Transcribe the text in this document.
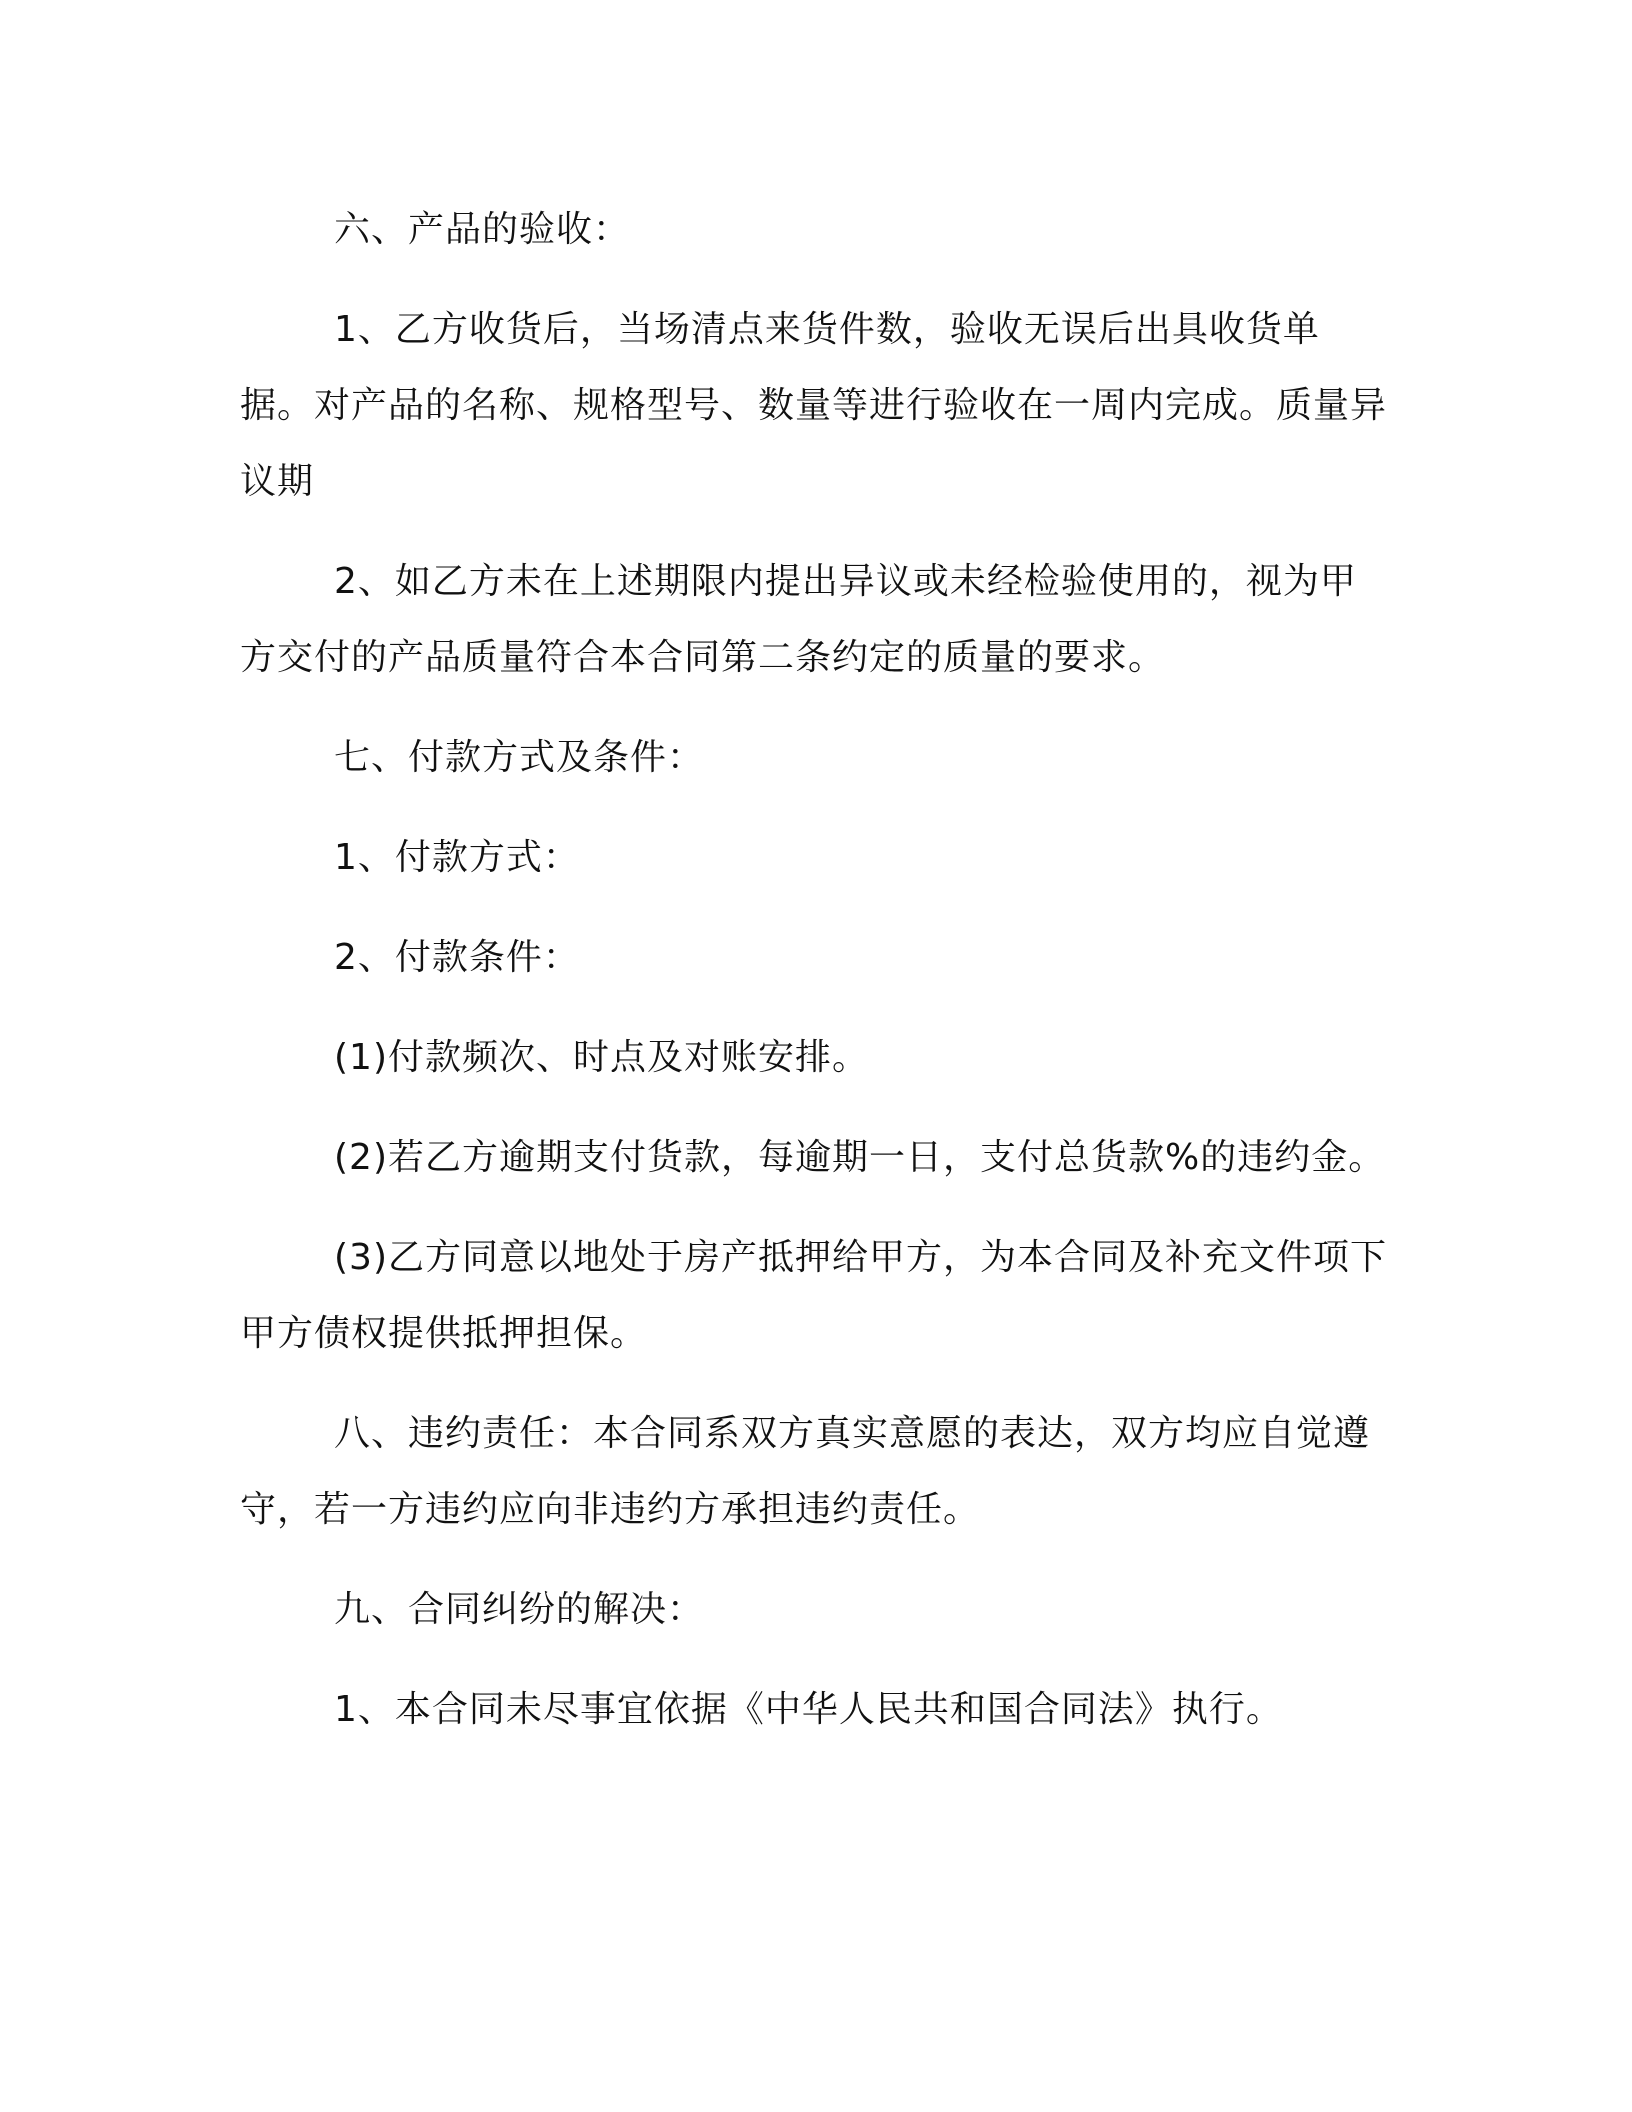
六、产品的验收：

1、乙方收货后，当场清点来货件数，验收无误后出具收货单据。对产品的名称、规格型号、数量等进行验收在一周内完成。质量异议期

2、如乙方未在上述期限内提出异议或未经检验使用的，视为甲方交付的产品质量符合本合同第二条约定的质量的要求。

七、付款方式及条件：

1、付款方式：

2、付款条件：

(1)付款频次、时点及对账安排。

(2)若乙方逾期支付货款，每逾期一日，支付总货款%的违约金。

(3)乙方同意以地处于房产抵押给甲方，为本合同及补充文件项下甲方债权提供抵押担保。

八、违约责任：本合同系双方真实意愿的表达，双方均应自觉遵守，若一方违约应向非违约方承担违约责任。

九、合同纠纷的解决：

1、本合同未尽事宜依据《中华人民共和国合同法》执行。
